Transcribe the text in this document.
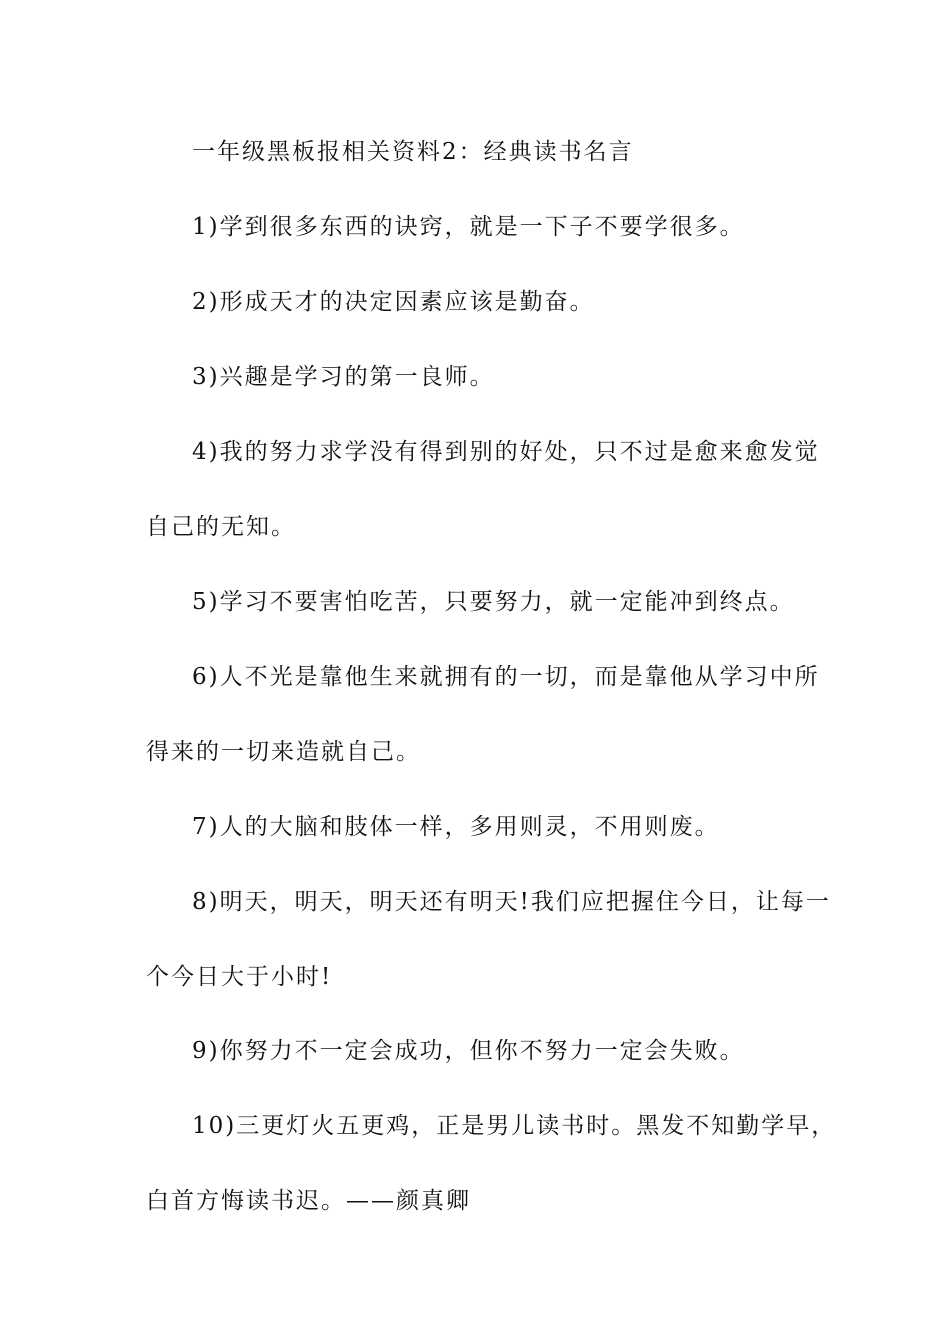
一年级黑板报相关资料2：经典读书名言
1)学到很多东西的诀窍，就是一下子不要学很多。
2)形成天才的决定因素应该是勤奋。
3)兴趣是学习的第一良师。
4)我的努力求学没有得到别的好处，只不过是愈来愈发觉
自己的无知。
5)学习不要害怕吃苦，只要努力，就一定能冲到终点。
6)人不光是靠他生来就拥有的一切，而是靠他从学习中所
得来的一切来造就自己。
7)人的大脑和肢体一样，多用则灵，不用则废。
8)明天，明天，明天还有明天!我们应把握住今日，让每一
个今日大于小时!
9)你努力不一定会成功，但你不努力一定会失败。
10)三更灯火五更鸡，正是男儿读书时。黑发不知勤学早，
白首方悔读书迟。——颜真卿
